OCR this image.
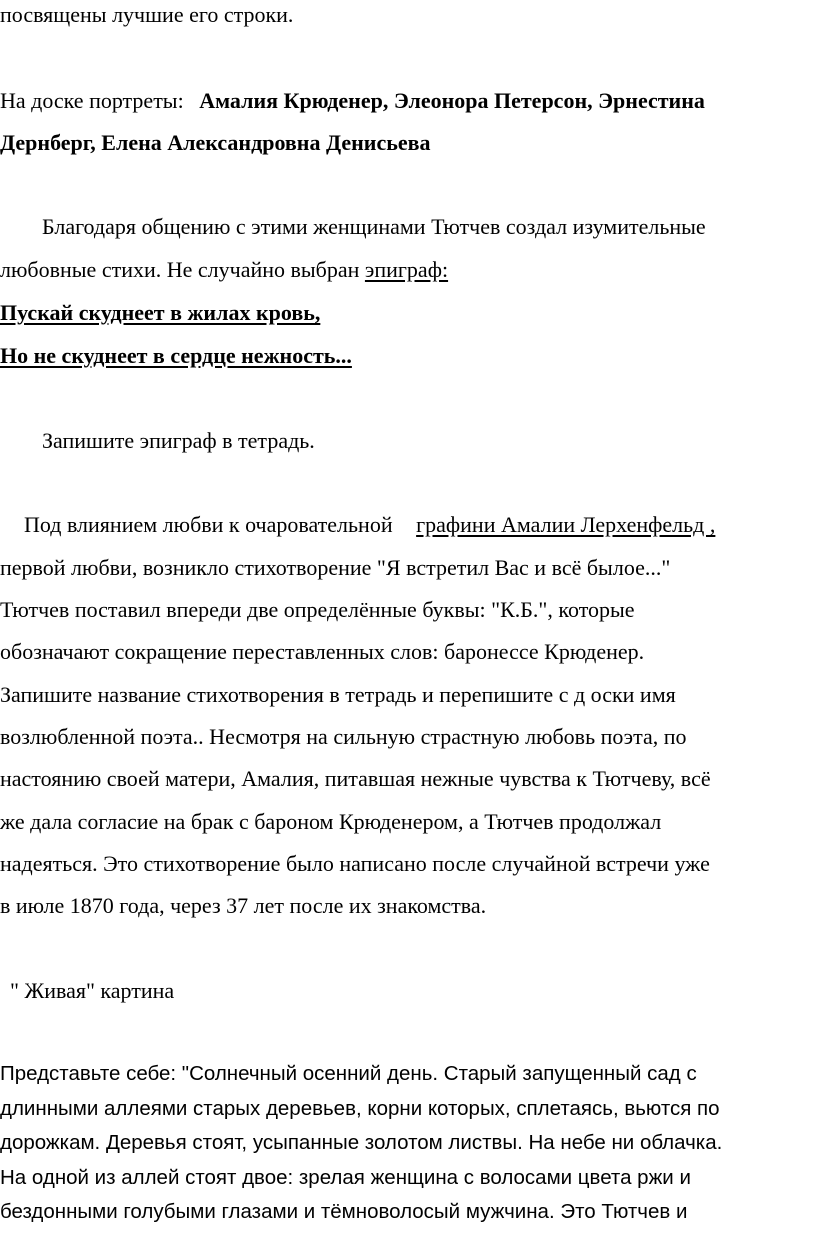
посвящены лучшие его строки.
На доске портреты: Амалия Крюденер, Элеонора Петерсон, Эрнестина
Дернберг, Елена Александровна Денисьева
Благодаря общению с этими женщинами Тютчев создал изумительные
любовные стихи. Не случайно выбран эпиграф:
Пускай скуднеет в жилах кровь,
Но не скуднеет в сердце нежность...
Запишите эпиграф в тетрадь.
Под влиянием любви к очаровательной графини Амалии Лерхенфельд ,
первой любви, возникло стихотворение "Я встретил Вас и всё былое..."
Тютчев поставил впереди две определённые буквы: "К.Б.", которые
обозначают сокращение переставленных слов: баронессе Крюденер.
Запишите название стихотворения в тетрадь и перепишите с д оски имя
возлюбленной поэта.. Несмотря на сильную страстную любовь поэта, по
настоянию своей матери, Амалия, питавшая нежные чувства к Тютчеву, всё
же дала согласие на брак с бароном Крюденером, а Тютчев продолжал
надеяться. Это стихотворение было написано после случайной встречи уже
в июле 1870 года, через 37 лет после их знакомства.
" Живая" картина
Представьте себе: "Солнечный осенний день. Старый запущенный сад с
длинными аллеями старых деревьев, корни которых, сплетаясь, вьются по
дорожкам. Деревья стоят, усыпанные золотом листвы. На небе ни облачка.
На одной из аллей стоят двое: зрелая женщина с волосами цвета ржи и
бездонными голубыми глазами и тёмноволосый мужчина. Это Тютчев и
